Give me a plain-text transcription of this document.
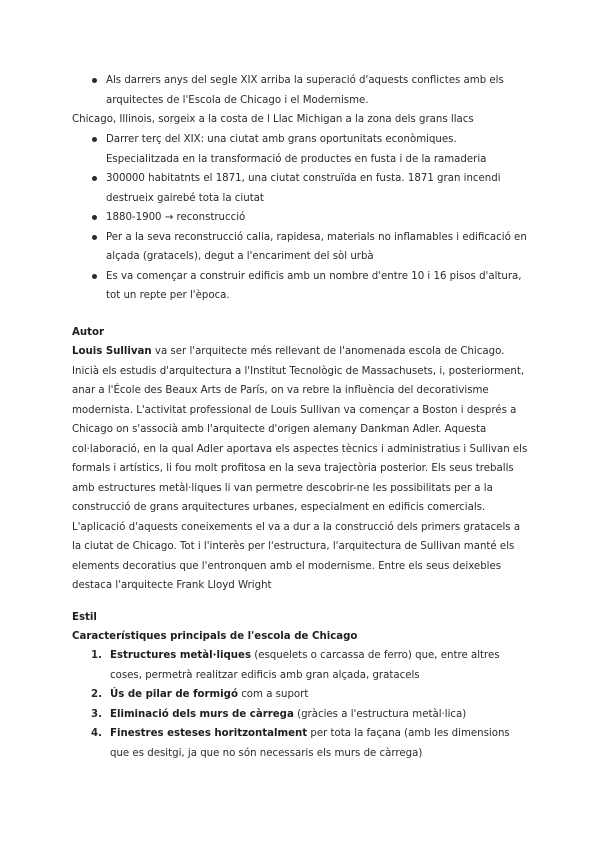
Als darrers anys del segle XIX arriba la superació d'aquests conflictes amb els arquitectes de l'Escola de Chicago i el Modernisme.
Chicago, Illinois, sorgeix a la costa de l Llac Michigan a la zona dels grans llacs
Darrer terç del XIX: una ciutat amb grans oportunitats econòmiques. Especialitzada en la transformació de productes en fusta i de la ramaderia
300000 habitatnts el 1871, una ciutat construïda en fusta. 1871 gran incendi destrueix gairebé tota la ciutat
1880-1900 → reconstrucció
Per a la seva reconstrucció calia, rapidesa, materials no inflamables i edificació en alçada (gratacels), degut a l'encariment del sòl urbà
Es va començar a construir edificis amb un nombre d'entre 10 i 16 pisos d'altura, tot un repte per l'època.
Autor
Louis Sullivan va ser l'arquitecte més rellevant de l'anomenada escola de Chicago. Inicià els estudis d'arquitectura a l'Institut Tecnològic de Massachusets, i, posteriorment, anar a l'École des Beaux Arts de París, on va rebre la influència del decorativisme modernista. L'activitat professional de Louis Sullivan va començar a Boston i després a Chicago on s'associà amb l'arquitecte d'origen alemany Dankman Adler. Aquesta col·laboració, en la qual Adler aportava els aspectes tècnics i administratius i Sullivan els formals i artístics, li fou molt profitosa en la seva trajectòria posterior. Els seus treballs amb estructures metàl·liques li van permetre descobrir-ne les possibilitats per a la construcció de grans arquitectures urbanes, especialment en edificis comercials. L'aplicació d'aquests coneixements el va a dur a la construcció dels primers gratacels a la ciutat de Chicago. Tot i l'interès per l'estructura, l'arquitectura de Sullivan manté els elements decoratius que l'entronquen amb el modernisme. Entre els seus deixebles destaca l'arquitecte Frank Lloyd Wright
Estil
Característiques principals de l'escola de Chicago
1. Estructures metàl·liques (esquelets o carcassa de ferro) que, entre altres coses, permetrà realitzar edificis amb gran alçada, gratacels
2. Ús de pilar de formigó com a suport
3. Eliminació dels murs de càrrega (gràcies a l'estructura metàl·lica)
4. Finestres esteses horitzontalment per tota la façana (amb les dimensions que es desitgi, ja que no són necessaris els murs de càrrega)
